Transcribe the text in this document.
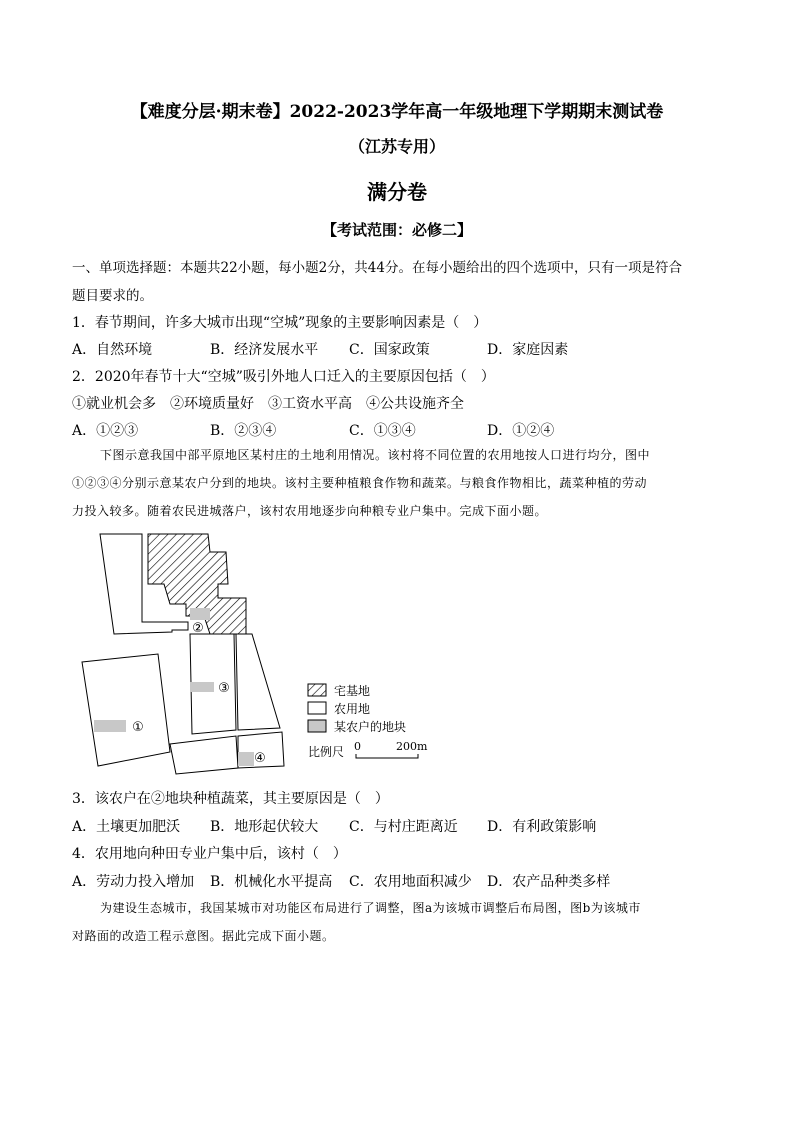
【难度分层·期末卷】2022-2023学年高一年级地理下学期期末测试卷
（江苏专用）
满分卷
【考试范围：必修二】
一、单项选择题：本题共22小题，每小题2分，共44分。在每小题给出的四个选项中，只有一项是符合
题目要求的。
1．春节期间，许多大城市出现“空城”现象的主要影响因素是（　）
A．自然环境	B．经济发展水平 C．国家政策	D．家庭因素
2．2020年春节十大“空城”吸引外地人口迁入的主要原因包括（　）
①就业机会多　②环境质量好　③工资水平高　④公共设施齐全
A．①②③	B．②③④	C．①③④	D．①②④
下图示意我国中部平原地区某村庄的土地利用情况。该村将不同位置的农用地按人口进行均分，图中
①②③④分别示意某农户分到的地块。该村主要种植粮食作物和蔬菜。与粮食作物相比，蔬菜种植的劳动
力投入较多。随着农民进城落户，该村农用地逐步向种粮专业户集中。完成下面小题。
②
③
①
④
宅基地
农用地
某农户的地块
比例尺 0	200m
3．该农户在②地块种植蔬菜，其主要原因是（　）
A．土壤更加肥沃 B．地形起伏较大 C．与村庄距离近 D．有利政策影响
4．农用地向种田专业户集中后，该村（　）
A．劳动力投入增加 B．机械化水平提高 C．农用地面积减少 D．农产品种类多样
为建设生态城市，我国某城市对功能区布局进行了调整，图a为该城市调整后布局图，图b为该城市
对路面的改造工程示意图。据此完成下面小题。
